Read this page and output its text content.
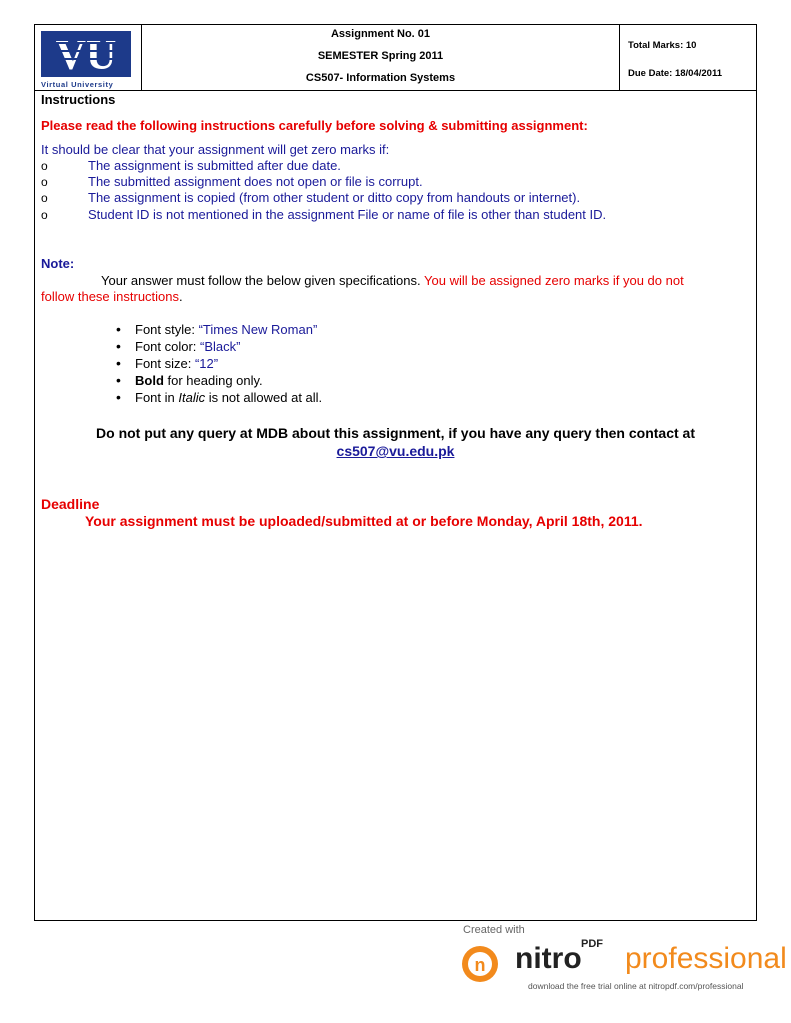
VU
Virtual University
Assignment No. 01
SEMESTER Spring 2011
CS507- Information Systems
Total Marks: 10
Due Date: 18/04/2011
Instructions
Please read the following instructions carefully before solving & submitting assignment:
It should be clear that your assignment will get zero marks if:
o	The assignment is submitted after due date.
o	The submitted assignment does not open or file is corrupt.
o	The assignment is copied (from other student or ditto copy from handouts or internet).
o	Student ID is not mentioned in the assignment File or name of file is other than student ID.
Note:
Your answer must follow the below given specifications. You will be assigned zero marks if you do not
follow these instructions.
• Font style: “Times New Roman”
• Font color: “Black”
• Font size: “12”
• Bold for heading only.
• Font in Italic is not allowed at all.
Do not put any query at MDB about this assignment, if you have any query then contact at
cs507@vu.edu.pk
Deadline
Your assignment must be uploaded/submitted at or before Monday, April 18th, 2011.
Created with
n nitro PDF professional
download the free trial online at nitropdf.com/professional
